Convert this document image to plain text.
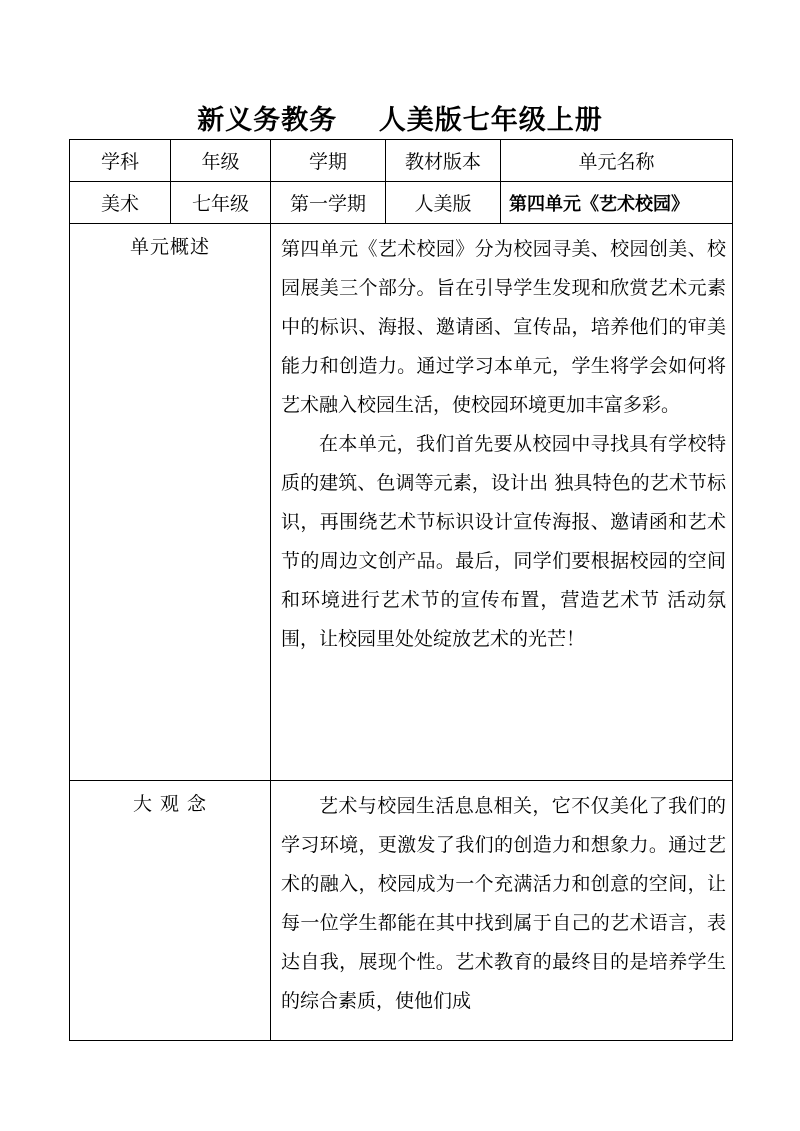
新义务教务    人美版七年级上册
学科	年级	学期	教材版本	单元名称
美术	七年级	第一学期	人美版	第四单元《艺术校园》
单元概述		第四单元《艺术校园》分为校园寻美、校园创美、校园展美三个部分。旨在引导学生发现和欣赏艺术元素中的标识、海报、邀请函、宣传品，培养他们的审美能力和创造力。通过学习本单元，学生将学会如何将艺术融入校园生活，使校园环境更加丰富多彩。

在本单元，我们首先要从校园中寻找具有学校特质的建筑、色调等元素，设计出 独具特色的艺术节标识，再围绕艺术节标识设计宣传海报、邀请函和艺术节的周边文创产品。最后，同学们要根据校园的空间和环境进行艺术节的宣传布置，营造艺术节 活动氛围，让校园里处处绽放艺术的光芒！		

大 观 念		艺术与校园生活息息相关，它不仅美化了我们的学习环境，更激发了我们的创造力和想象力。通过艺术的融入，校园成为一个充满活力和创意的空间，让每一位学生都能在其中找到属于自己的艺术语言，表达自我，展现个性。艺术教育的最终目的是培养学生的综合素质，使他们成		
